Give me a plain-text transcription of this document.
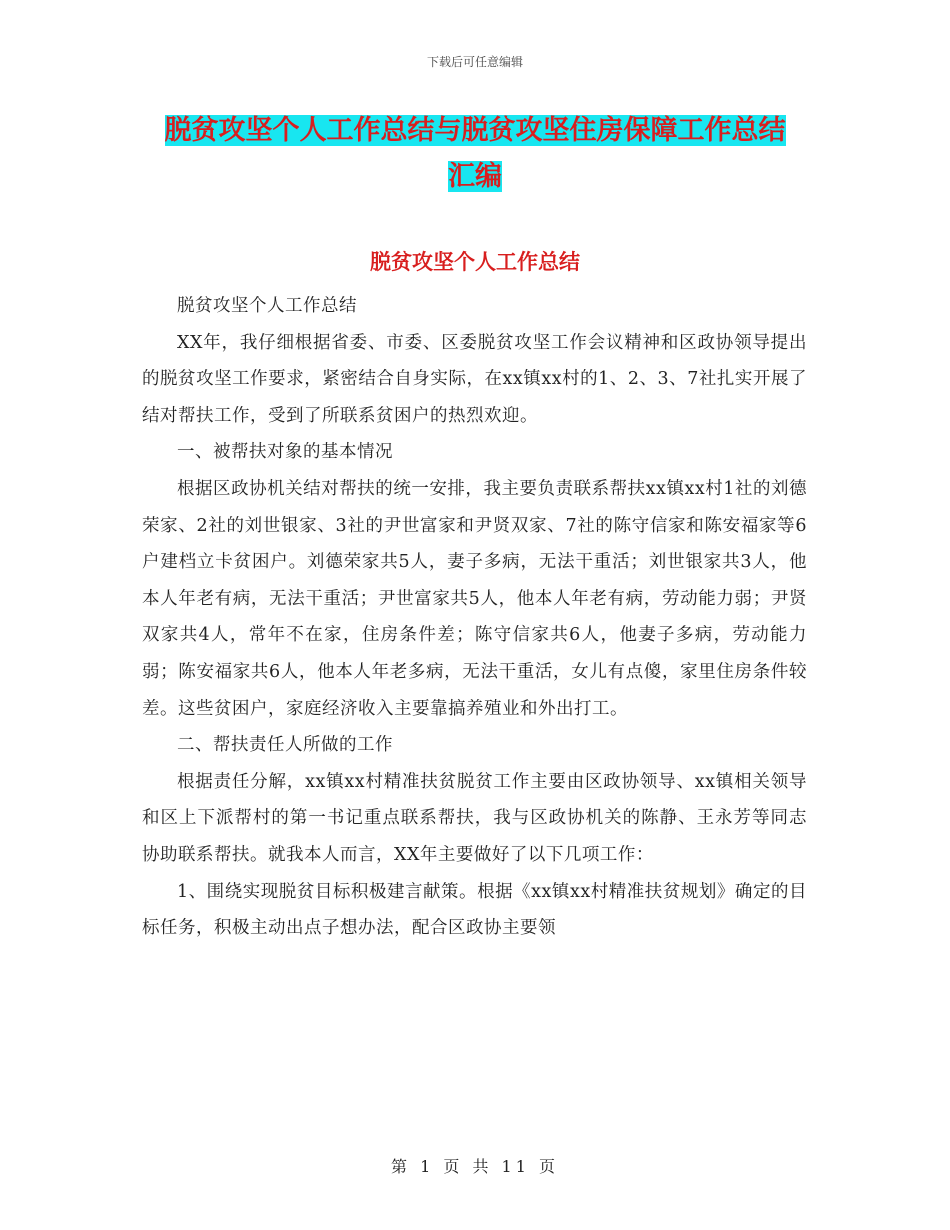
下载后可任意编辑
脱贫攻坚个人工作总结与脱贫攻坚住房保障工作总结
汇编
脱贫攻坚个人工作总结

脱贫攻坚个人工作总结

XX年，我仔细根据省委、市委、区委脱贫攻坚工作会议精神和区政协领导提出的脱贫攻坚工作要求，紧密结合自身实际，在xx镇xx村的1、2、3、7社扎实开展了结对帮扶工作，受到了所联系贫困户的热烈欢迎。

一、被帮扶对象的基本情况

根据区政协机关结对帮扶的统一安排，我主要负责联系帮扶xx镇xx村1社的刘德荣家、2社的刘世银家、3社的尹世富家和尹贤双家、7社的陈守信家和陈安福家等6户建档立卡贫困户。刘德荣家共5人，妻子多病，无法干重活；刘世银家共3人，他本人年老有病，无法干重活；尹世富家共5人，他本人年老有病，劳动能力弱；尹贤双家共4人，常年不在家，住房条件差；陈守信家共6人，他妻子多病，劳动能力弱；陈安福家共6人，他本人年老多病，无法干重活，女儿有点傻，家里住房条件较差。这些贫困户，家庭经济收入主要靠搞养殖业和外出打工。

二、帮扶责任人所做的工作

根据责任分解，xx镇xx村精准扶贫脱贫工作主要由区政协领导、xx镇相关领导和区上下派帮村的第一书记重点联系帮扶，我与区政协机关的陈静、王永芳等同志协助联系帮扶。就我本人而言，XX年主要做好了以下几项工作：

1、围绕实现脱贫目标积极建言献策。根据《xx镇xx村精准扶贫规划》确定的目标任务，积极主动出点子想办法，配合区政协主要领

第 1 页 共 11 页
